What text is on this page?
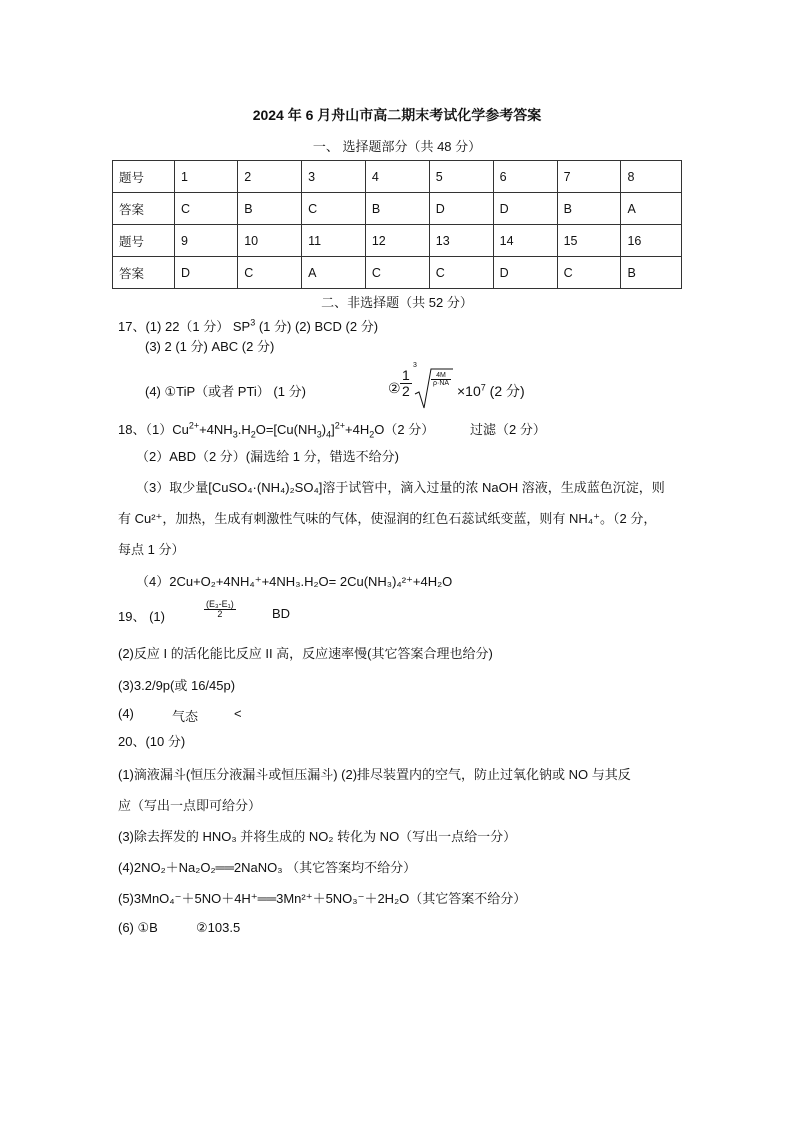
2024 年 6 月舟山市高二期末考试化学参考答案
一、 选择题部分（共 48 分）
题号	1	2	3	4	5	6	7	8
答案	C	B	C	B	D	D	B	A
题号	9	10	11	12	13	14	15	16
答案	D	C	A	C	C	D	C	B
二、非选择题（共 52 分）
17、(1) 22（1 分） $SP^3$ (1 分) (2) BCD (2 分)
(3) 2 (1 分) ABC (2 分)
(4) ①TiP（或者 PTi） (1 分)	② $\frac{1}{2}$
3
$\frac{4M}{\rho\cdot NA}$
$\times 10^7$ (2 分)
18、$(1)Cu^{2+}+4NH_3.H_2O=[Cu(NH_3)_4]^{2+}+4H_2O(2$ 分）	过滤（2 分）
（2）ABD（2 分）(漏选给 1 分，错选不给分)
（3）取少量[CuSO₄·(NH₄)₂SO₄]溶于试管中，滴入过量的浓 NaOH 溶液，生成蓝色沉淀，则
有 Cu²⁺，加热，生成有刺激性气味的气体，使湿润的红色石蕊试纸变蓝，则有 NH₄⁺。（2 分，
每点 1 分）
（4）2Cu+O₂+4NH₄⁺+4NH₃.H₂O= 2Cu(NH₃)₄²⁺+4H₂O
19、 (1)	$\frac{\text{(E₃-E₁)}}{2}$	BD
(2)反应 I 的活化能比反应 II 高，反应速率慢(其它答案合理也给分)
(3)3.2/9p(或 16/45p)
(4)	气态	<
20、(10 分)
(1)滴液漏斗(恒压分液漏斗或恒压漏斗) (2)排尽装置内的空气，防止过氧化钠或 NO 与其反
应（写出一点即可给分）
(3)除去挥发的 HNO₃ 并将生成的 NO₂ 转化为 NO（写出一点给一分）
(4)2NO₂＋Na₂O₂══2NaNO₃ （其它答案均不给分）
(5)3MnO₄⁻＋5NO＋4H⁺══3Mn²⁺＋5NO₃⁻＋2H₂O（其它答案不给分）
(6) ①B	②103.5
